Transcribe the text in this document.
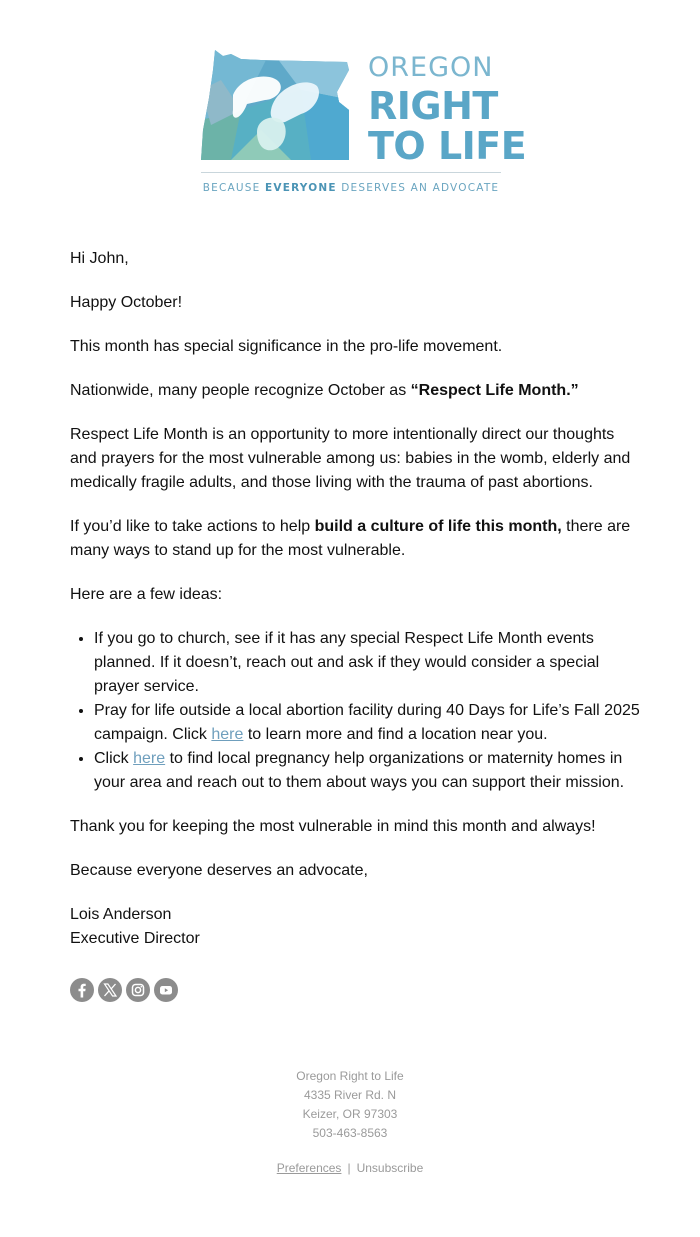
OREGON
RIGHT
TO LIFE
BECAUSE EVERYONE DESERVES AN ADVOCATE

Hi John,

Happy October!

This month has special significance in the pro-life movement.

Nationwide, many people recognize October as “Respect Life Month.”

Respect Life Month is an opportunity to more intentionally direct our thoughts and prayers for the most vulnerable among us: babies in the womb, elderly and medically fragile adults, and those living with the trauma of past abortions.

If you’d like to take actions to help build a culture of life this month, there are many ways to stand up for the most vulnerable.

Here are a few ideas:

• If you go to church, see if it has any special Respect Life Month events planned. If it doesn’t, reach out and ask if they would consider a special prayer service.
• Pray for life outside a local abortion facility during 40 Days for Life’s Fall 2025 campaign. Click here to learn more and find a location near you.
• Click here to find local pregnancy help organizations or maternity homes in your area and reach out to them about ways you can support their mission.

Thank you for keeping the most vulnerable in mind this month and always!

Because everyone deserves an advocate,

Lois Anderson
Executive Director

Oregon Right to Life
4335 River Rd. N
Keizer, OR 97303
503-463-8563
Preferences | Unsubscribe
